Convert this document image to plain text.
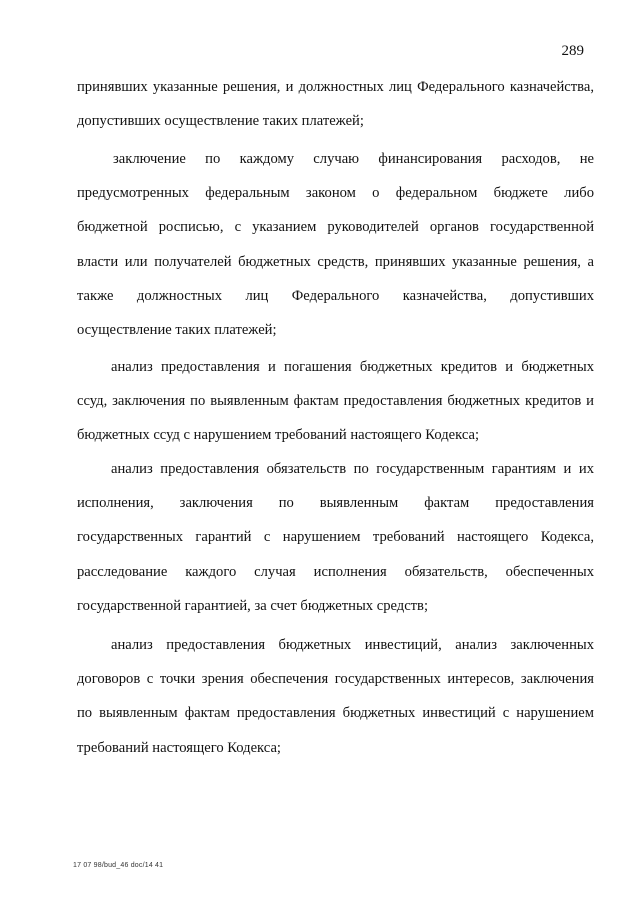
289
принявших указанные решения, и должностных лиц Федерального казначейства,
допустивших осуществление таких платежей;
заключение по каждому случаю финансирования расходов, не
предусмотренных федеральным законом о федеральном бюджете либо
бюджетной росписью, с указанием руководителей органов государственной
власти или получателей бюджетных средств, принявших указанные решения, а
также должностных лиц Федерального казначейства, допустивших
осуществление таких платежей;
анализ предоставления и погашения бюджетных кредитов и бюджетных
ссуд, заключения по выявленным фактам предоставления бюджетных кредитов и
бюджетных ссуд с нарушением требований настоящего Кодекса;
анализ предоставления обязательств по государственным гарантиям и их
исполнения, заключения по выявленным фактам предоставления
государственных гарантий с нарушением требований настоящего Кодекса,
расследование каждого случая исполнения обязательств, обеспеченных
государственной гарантией, за счет бюджетных средств;
анализ предоставления бюджетных инвестиций, анализ заключенных
договоров с точки зрения обеспечения государственных интересов, заключения
по выявленным фактам предоставления бюджетных инвестиций с нарушением
требований настоящего Кодекса;
17 07 98/bud_46 doc/14 41
